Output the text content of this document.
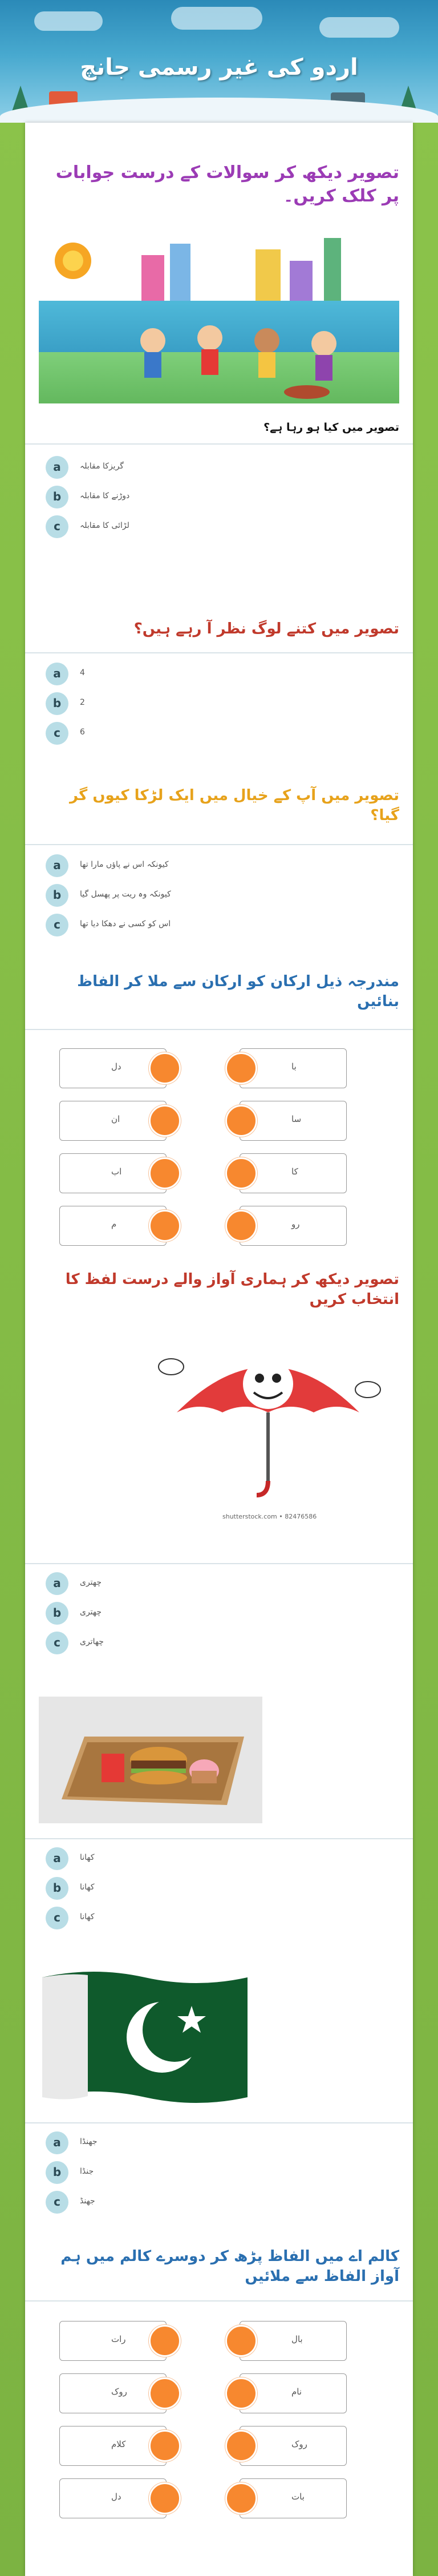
اردو کی غیر رسمی جانچ
تصویر دیکھ کر سوالات کے درست جوابات پر کلک کریں۔
تصویر میں کیا ہو رہا ہے؟
تصویر میں کتنے لوگ نظر آ رہے ہیں؟
تصویر میں آپ کے خیال میں ایک لڑکا کیوں گر گیا؟
مندرجہ ذیل ارکان کو ارکان سے ملا کر الفاظ بنائیں
تصویر دیکھ کر ہماری آواز والے درست لفظ کا انتخاب کریں
shutterstock.com • 82476586
کالم اے میں الفاظ پڑھ کر دوسرے کالم میں ہم آواز الفاظ سے ملائیں
a	گریزکا مقابلہ
b	دوڑنے کا مقابلہ
c	لڑائی کا مقابلہ
a	4
b	2
c	6
a	کیونکہ اس نے پاؤں مارا تھا
b	کیونکہ وہ ریت پر پھسل گیا
c	اس کو کسی نے دھکا دیا تھا
a	چھتری
b	چھتری
c	چھاتری
a	کھانا
b	کھانا
c	کھانا
a	جھنڈا
b	جنڈا
c	جھنڈ
دل	با
ان	سا
اب	کا
م	رو
رات	بال
روک	نام
کلام	روک
دل	بات
